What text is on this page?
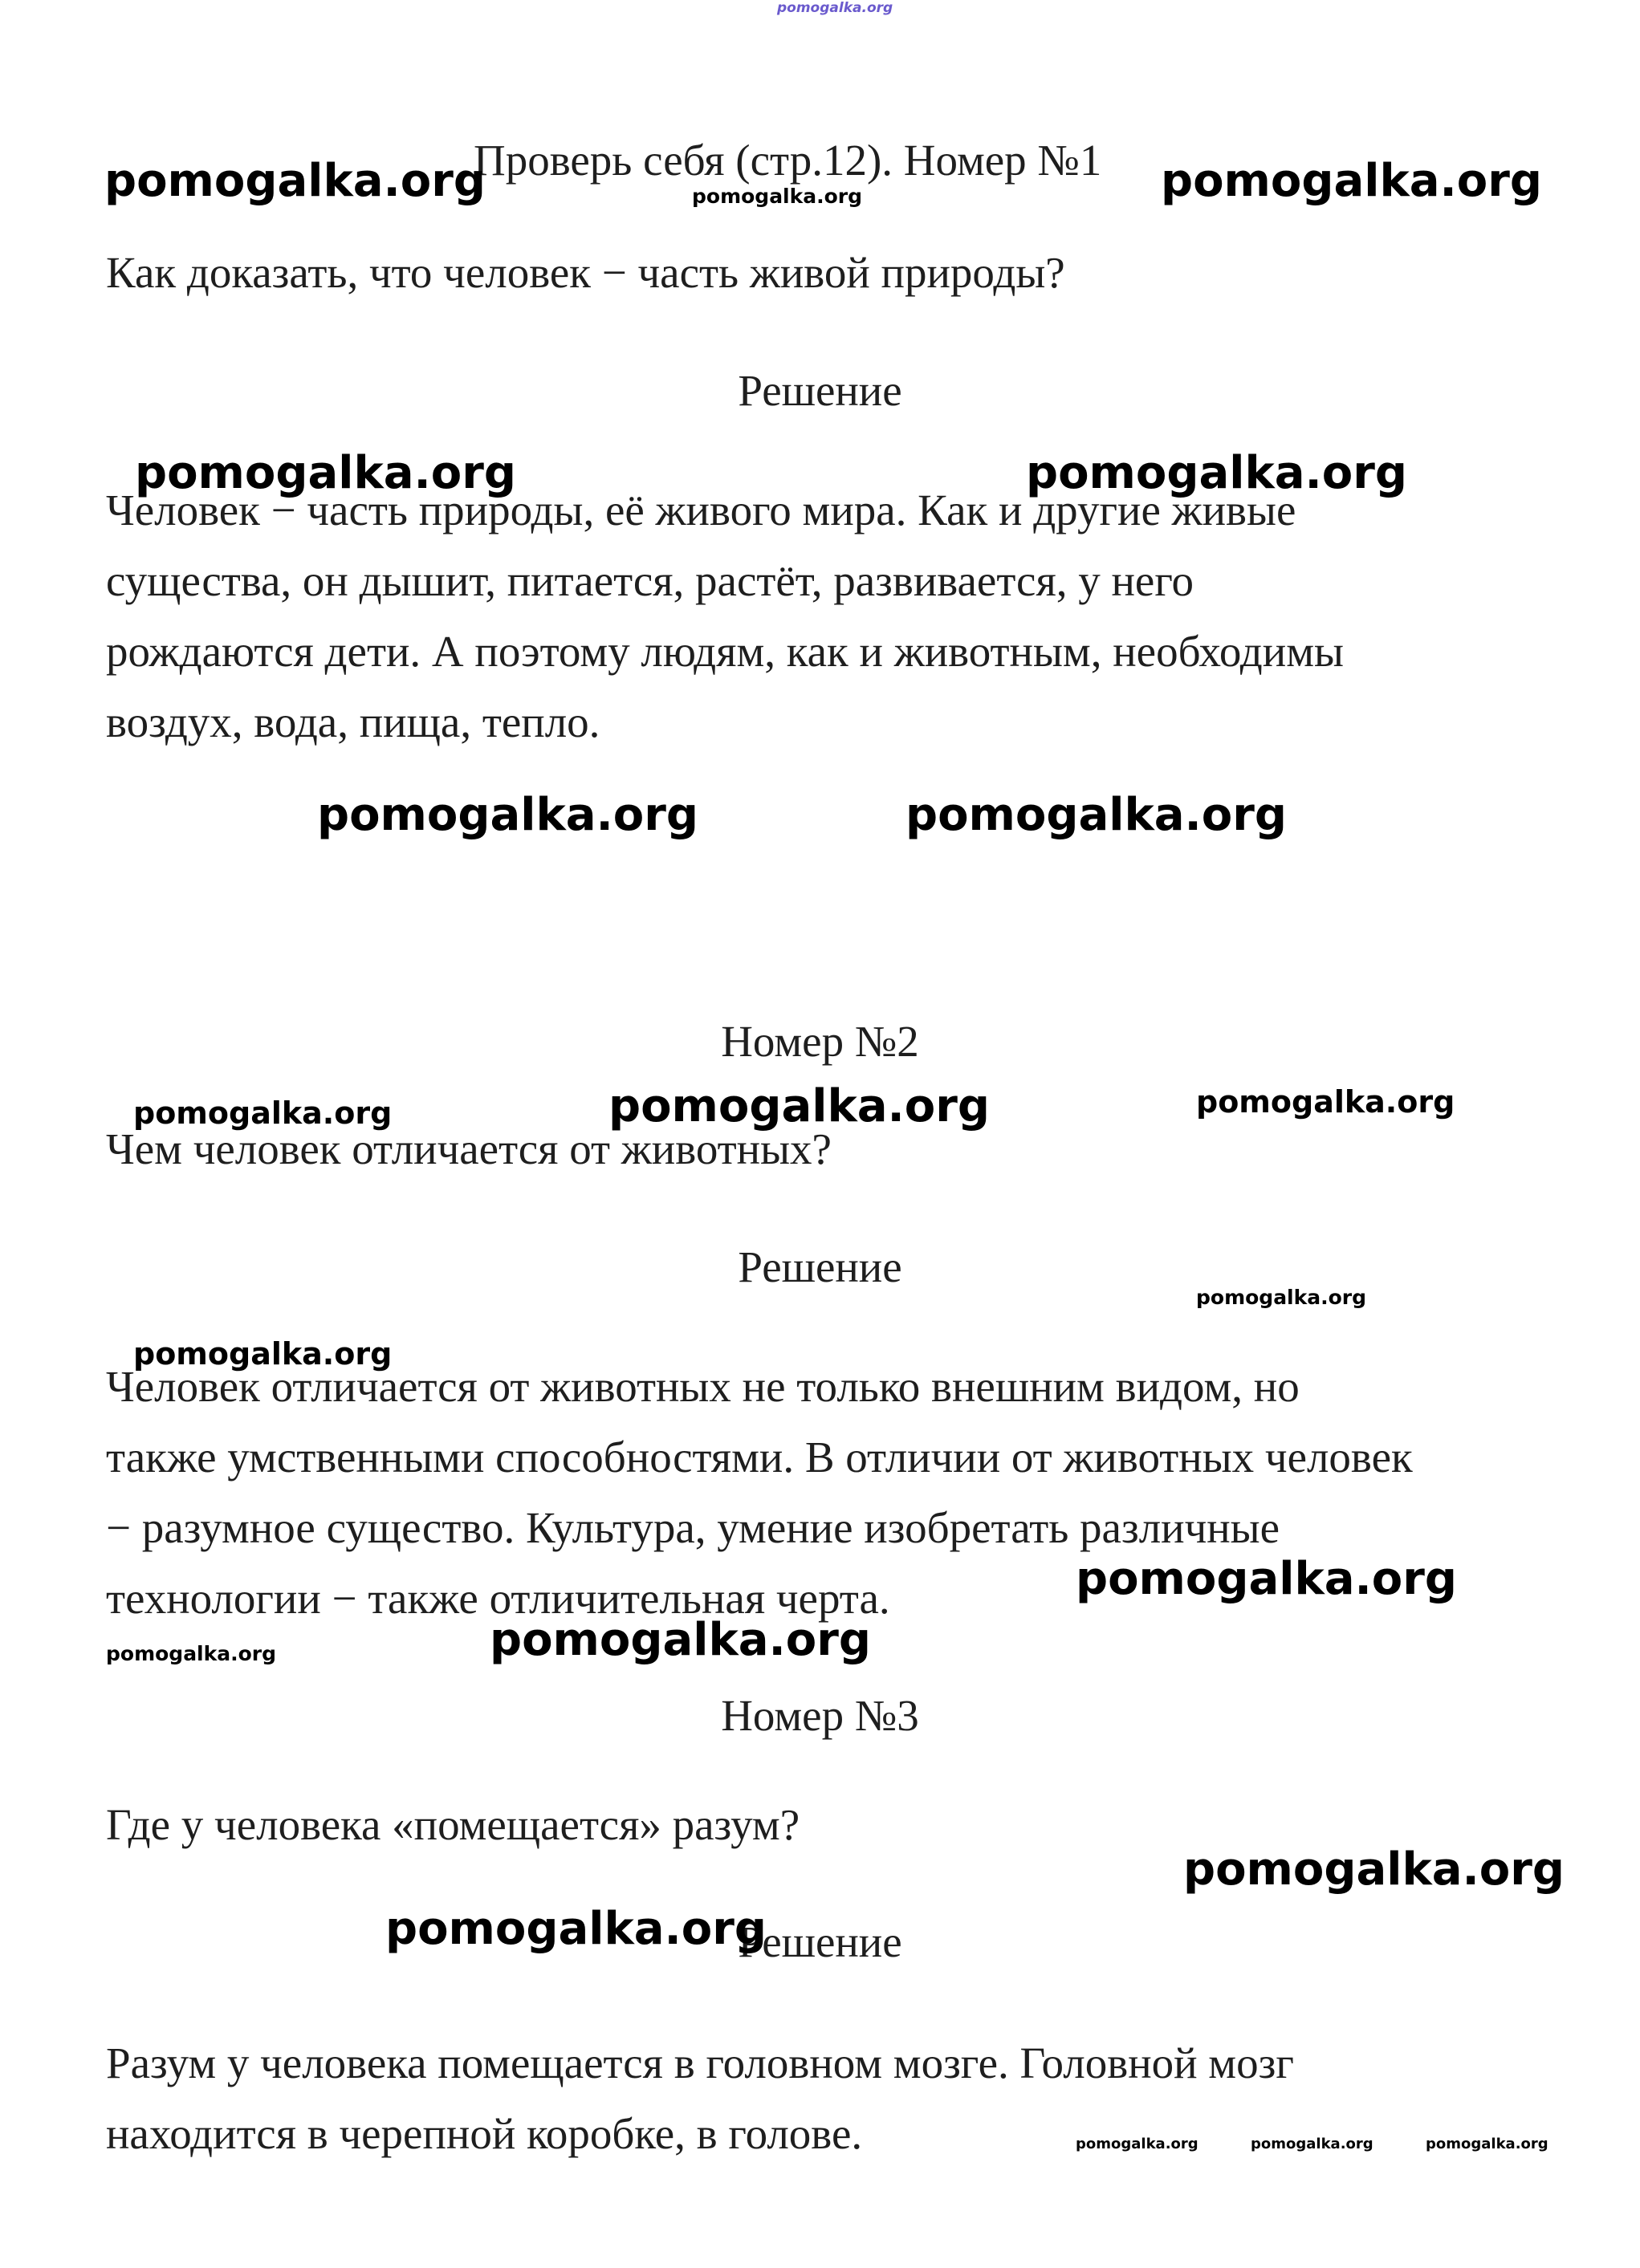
pomogalka.org
Проверь себя (стр.12). Номер №1
Как доказать, что человек − часть живой природы?
Решение
Человек − часть природы, её живого мира. Как и другие живые
существа, он дышит, питается, растёт, развивается, у него
рождаются дети. А поэтому людям, как и животным, необходимы
воздух, вода, пища, тепло.
Номер №2
Чем человек отличается от животных?
Решение
Человек отличается от животных не только внешним видом, но
также умственными способностями. В отличии от животных человек
− разумное существо. Культура, умение изобретать различные
технологии − также отличительная черта.
Номер №3
Где у человека «помещается» разум?
Решение
Разум у человека помещается в головном мозге. Головной мозг
находится в черепной коробке, в голове.
pomogalka.org	pomogalka.org	pomogalka.org
pomogalka.org	pomogalka.org
pomogalka.org	pomogalka.org
pomogalka.org	pomogalka.org	pomogalka.org
pomogalka.org
pomogalka.org
pomogalka.org
pomogalka.org	pomogalka.org
pomogalka.org
pomogalka.org
pomogalka.org	pomogalka.org	pomogalka.org
